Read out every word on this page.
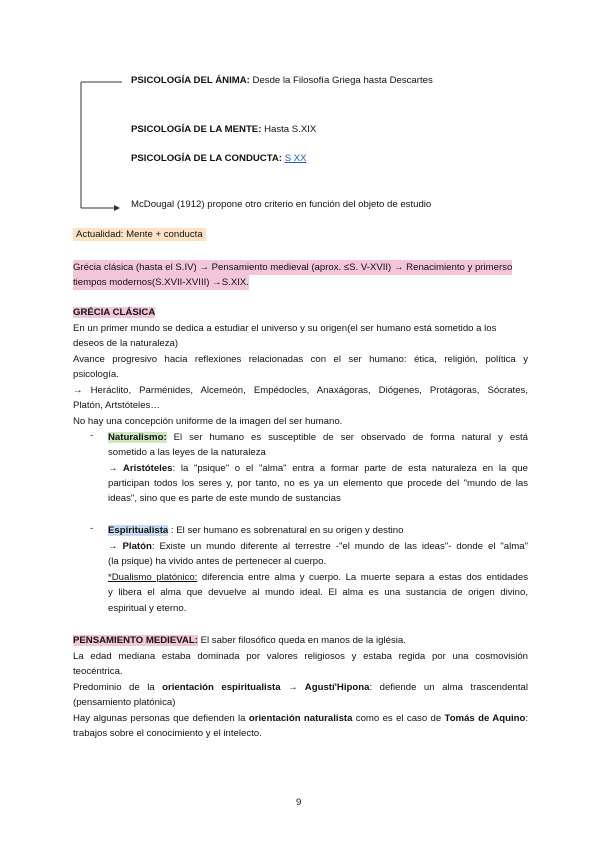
PSICOLOGÍA DEL ÁNIMA: Desde la Filosofía Griega hasta Descartes
PSICOLOGÍA DE LA MENTE: Hasta S.XIX
PSICOLOGÍA DE LA CONDUCTA: S XX
McDougal (1912) propone otro criterio en función del objeto de estudio
Actualidad: Mente + conducta
Grécia clásica (hasta el S.IV) → Pensamiento medieval (aprox. ≤S. V-XVII) → Renacimiento y primerso
tiempos modernos(S.XVII-XVIII) →S.XIX.
GRÉCIA CLÁSICA
En un primer mundo se dedica a estudiar el universo y su origen(el ser humano está sometido a los
deseos de la naturaleza)
Avance progresivo hacia reflexiones relacionadas con el ser humano: ética, religión, política y
psicología.
→ Heráclito, Parménides, Alcemeón, Empédocles, Anaxágoras, Diógenes, Protágoras, Sócrates,
Platón, Artstóteles…
No hay una concepción uniforme de la imagen del ser humano.
- Naturalismo: El ser humano es susceptible de ser observado de forma natural y está
sometido a las leyes de la naturaleza
→ Aristóteles: la "psique" o el "alma" entra a formar parte de esta naturaleza en la que
participan todos los seres y, por tanto, no es ya un elemento que procede del "mundo de las
ideas", sino que es parte de este mundo de sustancias
- Espiritualista : El ser humano es sobrenatural en su origen y destino
→ Platón: Existe un mundo diferente al terrestre -"el mundo de las ideas"- donde el "alma"
(la psique) ha vivido antes de pertenecer al cuerpo.
*Dualismo platónico: diferencia entre alma y cuerpo. La muerte separa a estas dos entidades
y libera el alma que devuelve al mundo ideal. El alma es una sustancia de origen divino,
espiritual y eterno.
PENSAMIENTO MEDIEVAL: El saber filosófico queda en manos de la iglésia.
La edad mediana estaba dominada por valores religiosos y estaba regida por una cosmovisión
teocéntrica.
Predominio de la orientación espiritualista → Agustí'Hipona: defiende un alma trascendental
(pensamiento platónica)
Hay algunas personas que defienden la orientación naturalista como es el caso de Tomás de Aquino:
trabajos sobre el conocimiento y el intelecto.
9
